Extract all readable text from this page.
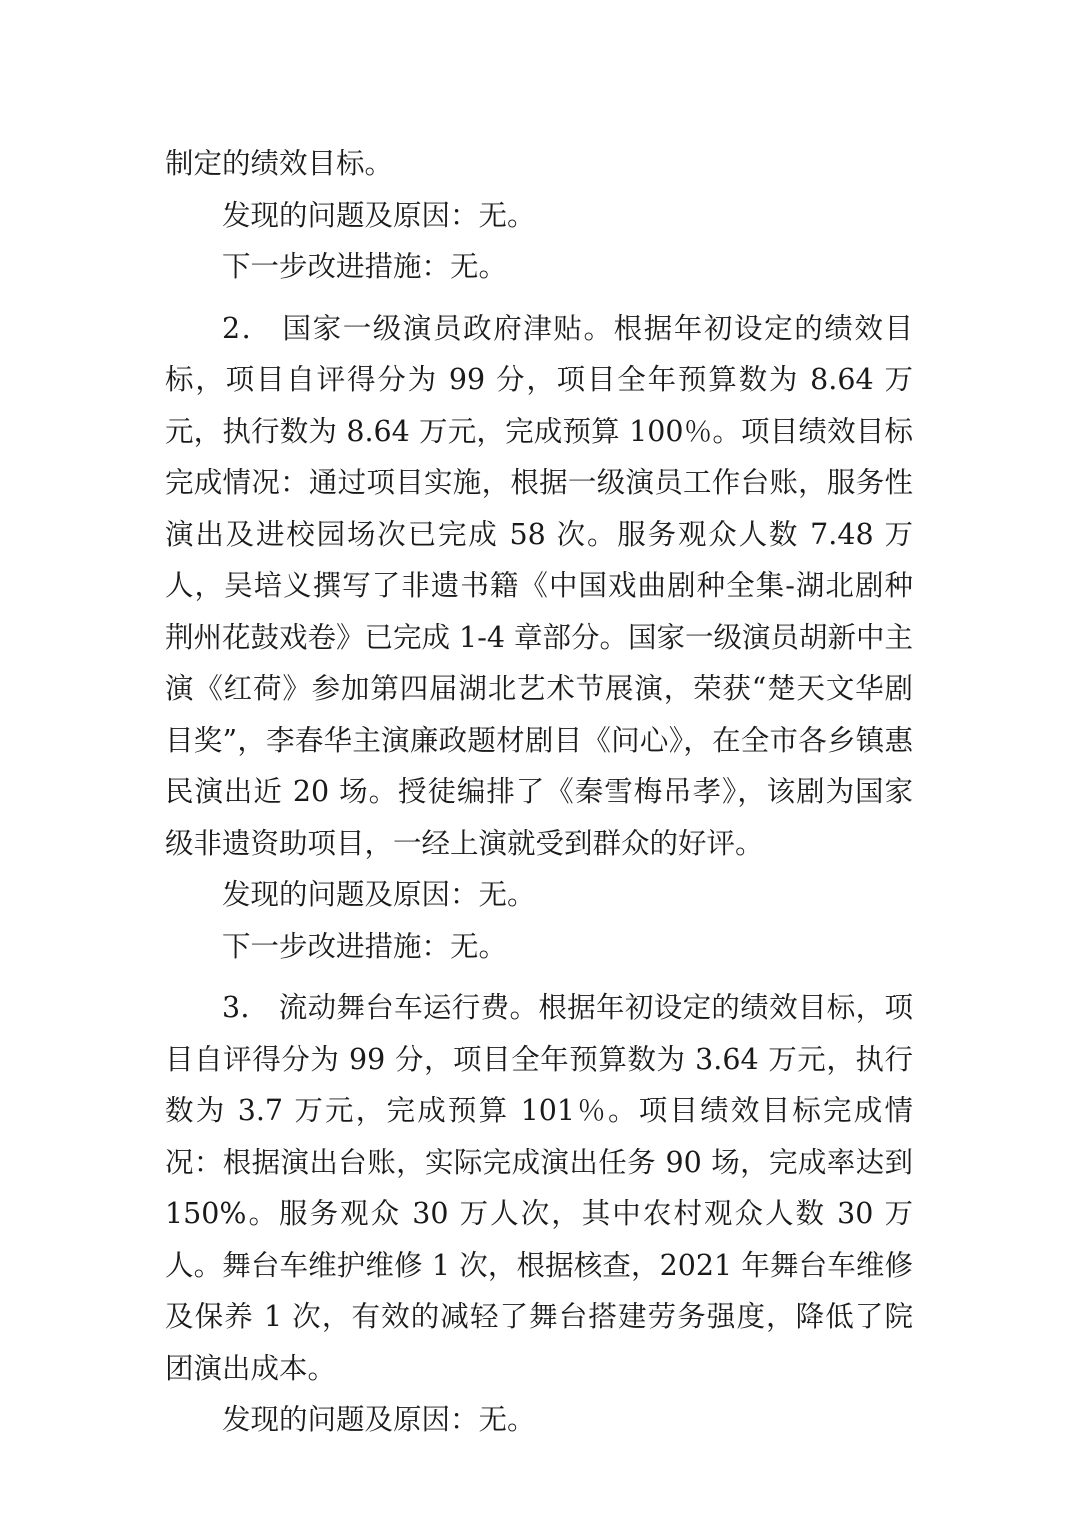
制定的绩效目标。

发现的问题及原因：无。

下一步改进措施：无。

2． 国家一级演员政府津贴。根据年初设定的绩效目标，项目自评得分为 99 分，项目全年预算数为 8.64 万元，执行数为 8.64 万元，完成预算 100％。项目绩效目标完成情况：通过项目实施，根据一级演员工作台账，服务性演出及进校园场次已完成 58 次。服务观众人数 7.48 万人，吴培义撰写了非遗书籍《中国戏曲剧种全集-湖北剧种荆州花鼓戏卷》已完成 1-4 章部分。国家一级演员胡新中主演《红荷》参加第四届湖北艺术节展演，荣获“楚天文华剧目奖”，李春华主演廉政题材剧目《问心》，在全市各乡镇惠民演出近 20 场。授徒编排了《秦雪梅吊孝》，该剧为国家级非遗资助项目，一经上演就受到群众的好评。

发现的问题及原因：无。

下一步改进措施：无。

3． 流动舞台车运行费。根据年初设定的绩效目标，项目自评得分为 99 分，项目全年预算数为 3.64 万元，执行数为 3.7 万元，完成预算 101％。项目绩效目标完成情况：根据演出台账，实际完成演出任务 90 场，完成率达到 150%。服务观众 30 万人次，其中农村观众人数 30 万人。舞台车维护维修 1 次，根据核查，2021 年舞台车维修及保养 1 次，有效的减轻了舞台搭建劳务强度，降低了院团演出成本。

发现的问题及原因：无。
